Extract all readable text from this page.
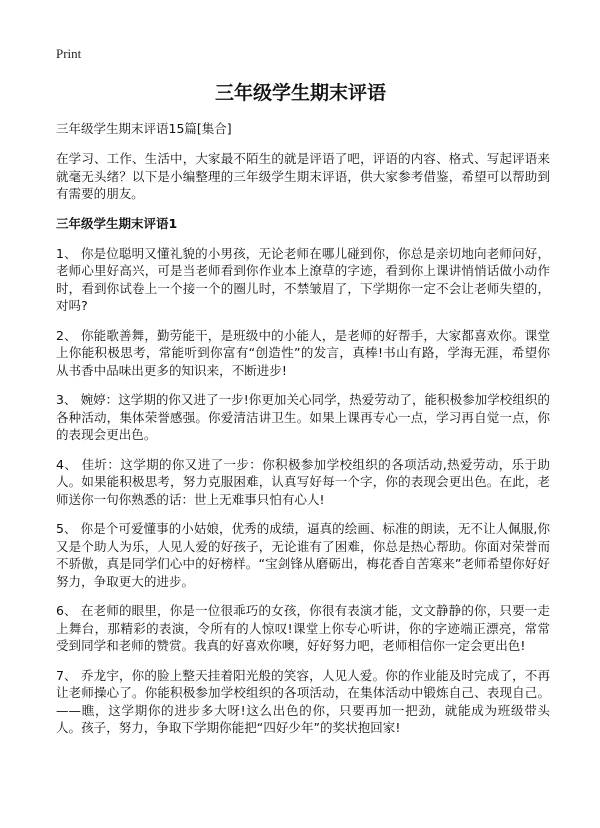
Print
三年级学生期末评语

三年级学生期末评语15篇[集合]

在学习、工作、生活中，大家最不陌生的就是评语了吧，评语的内容、格式、写起评语来就毫无头绪？以下是小编整理的三年级学生期末评语，供大家参考借鉴，希望可以帮助到有需要的朋友。

三年级学生期末评语1

1、 你是位聪明又懂礼貌的小男孩，无论老师在哪儿碰到你，你总是亲切地向老师问好，老师心里好高兴，可是当老师看到你作业本上潦草的字迹，看到你上课讲悄悄话做小动作时，看到你试卷上一个接一个的圈儿时，不禁皱眉了，下学期你一定不会让老师失望的，对吗?

2、 你能歌善舞，勤劳能干，是班级中的小能人，是老师的好帮手，大家都喜欢你。课堂上你能积极思考，常能听到你富有“创造性”的发言，真棒!书山有路，学海无涯，希望你从书香中品味出更多的知识来，不断进步!

3、 婉婷：这学期的你又进了一步!你更加关心同学，热爱劳动了，能积极参加学校组织的各种活动，集体荣誉感强。你爱清洁讲卫生。如果上课再专心一点，学习再自觉一点，你的表现会更出色。

4、 佳圻：这学期的你又进了一步：你积极参加学校组织的各项活动,热爱劳动，乐于助人。如果能积极思考，努力克服困难，认真写好每一个字，你的表现会更出色。在此，老师送你一句你熟悉的话：世上无难事只怕有心人!

5、 你是个可爱懂事的小姑娘，优秀的成绩，逼真的绘画、标准的朗读，无不让人佩服,你又是个助人为乐，人见人爱的好孩子，无论谁有了困难，你总是热心帮助。你面对荣誉而不骄傲，真是同学们心中的好榜样。“宝剑锋从磨砺出，梅花香自苦寒来”老师希望你好好努力，争取更大的进步。

6、 在老师的眼里，你是一位很乖巧的女孩，你很有表演才能，文文静静的你，只要一走上舞台，那精彩的表演，令所有的人惊叹!课堂上你专心听讲，你的字迹端正漂亮，常常受到同学和老师的赞赏。我真的好喜欢你噢，好好努力吧，老师相信你一定会更出色!

7、 乔龙宇，你的脸上整天挂着阳光般的笑容，人见人爱。你的作业能及时完成了，不再让老师操心了。你能积极参加学校组织的各项活动，在集体活动中锻炼自己、表现自己。——瞧，这学期你的进步多大呀!这么出色的你，只要再加一把劲，就能成为班级带头人。孩子，努力，争取下学期你能把“四好少年”的奖状抱回家!
